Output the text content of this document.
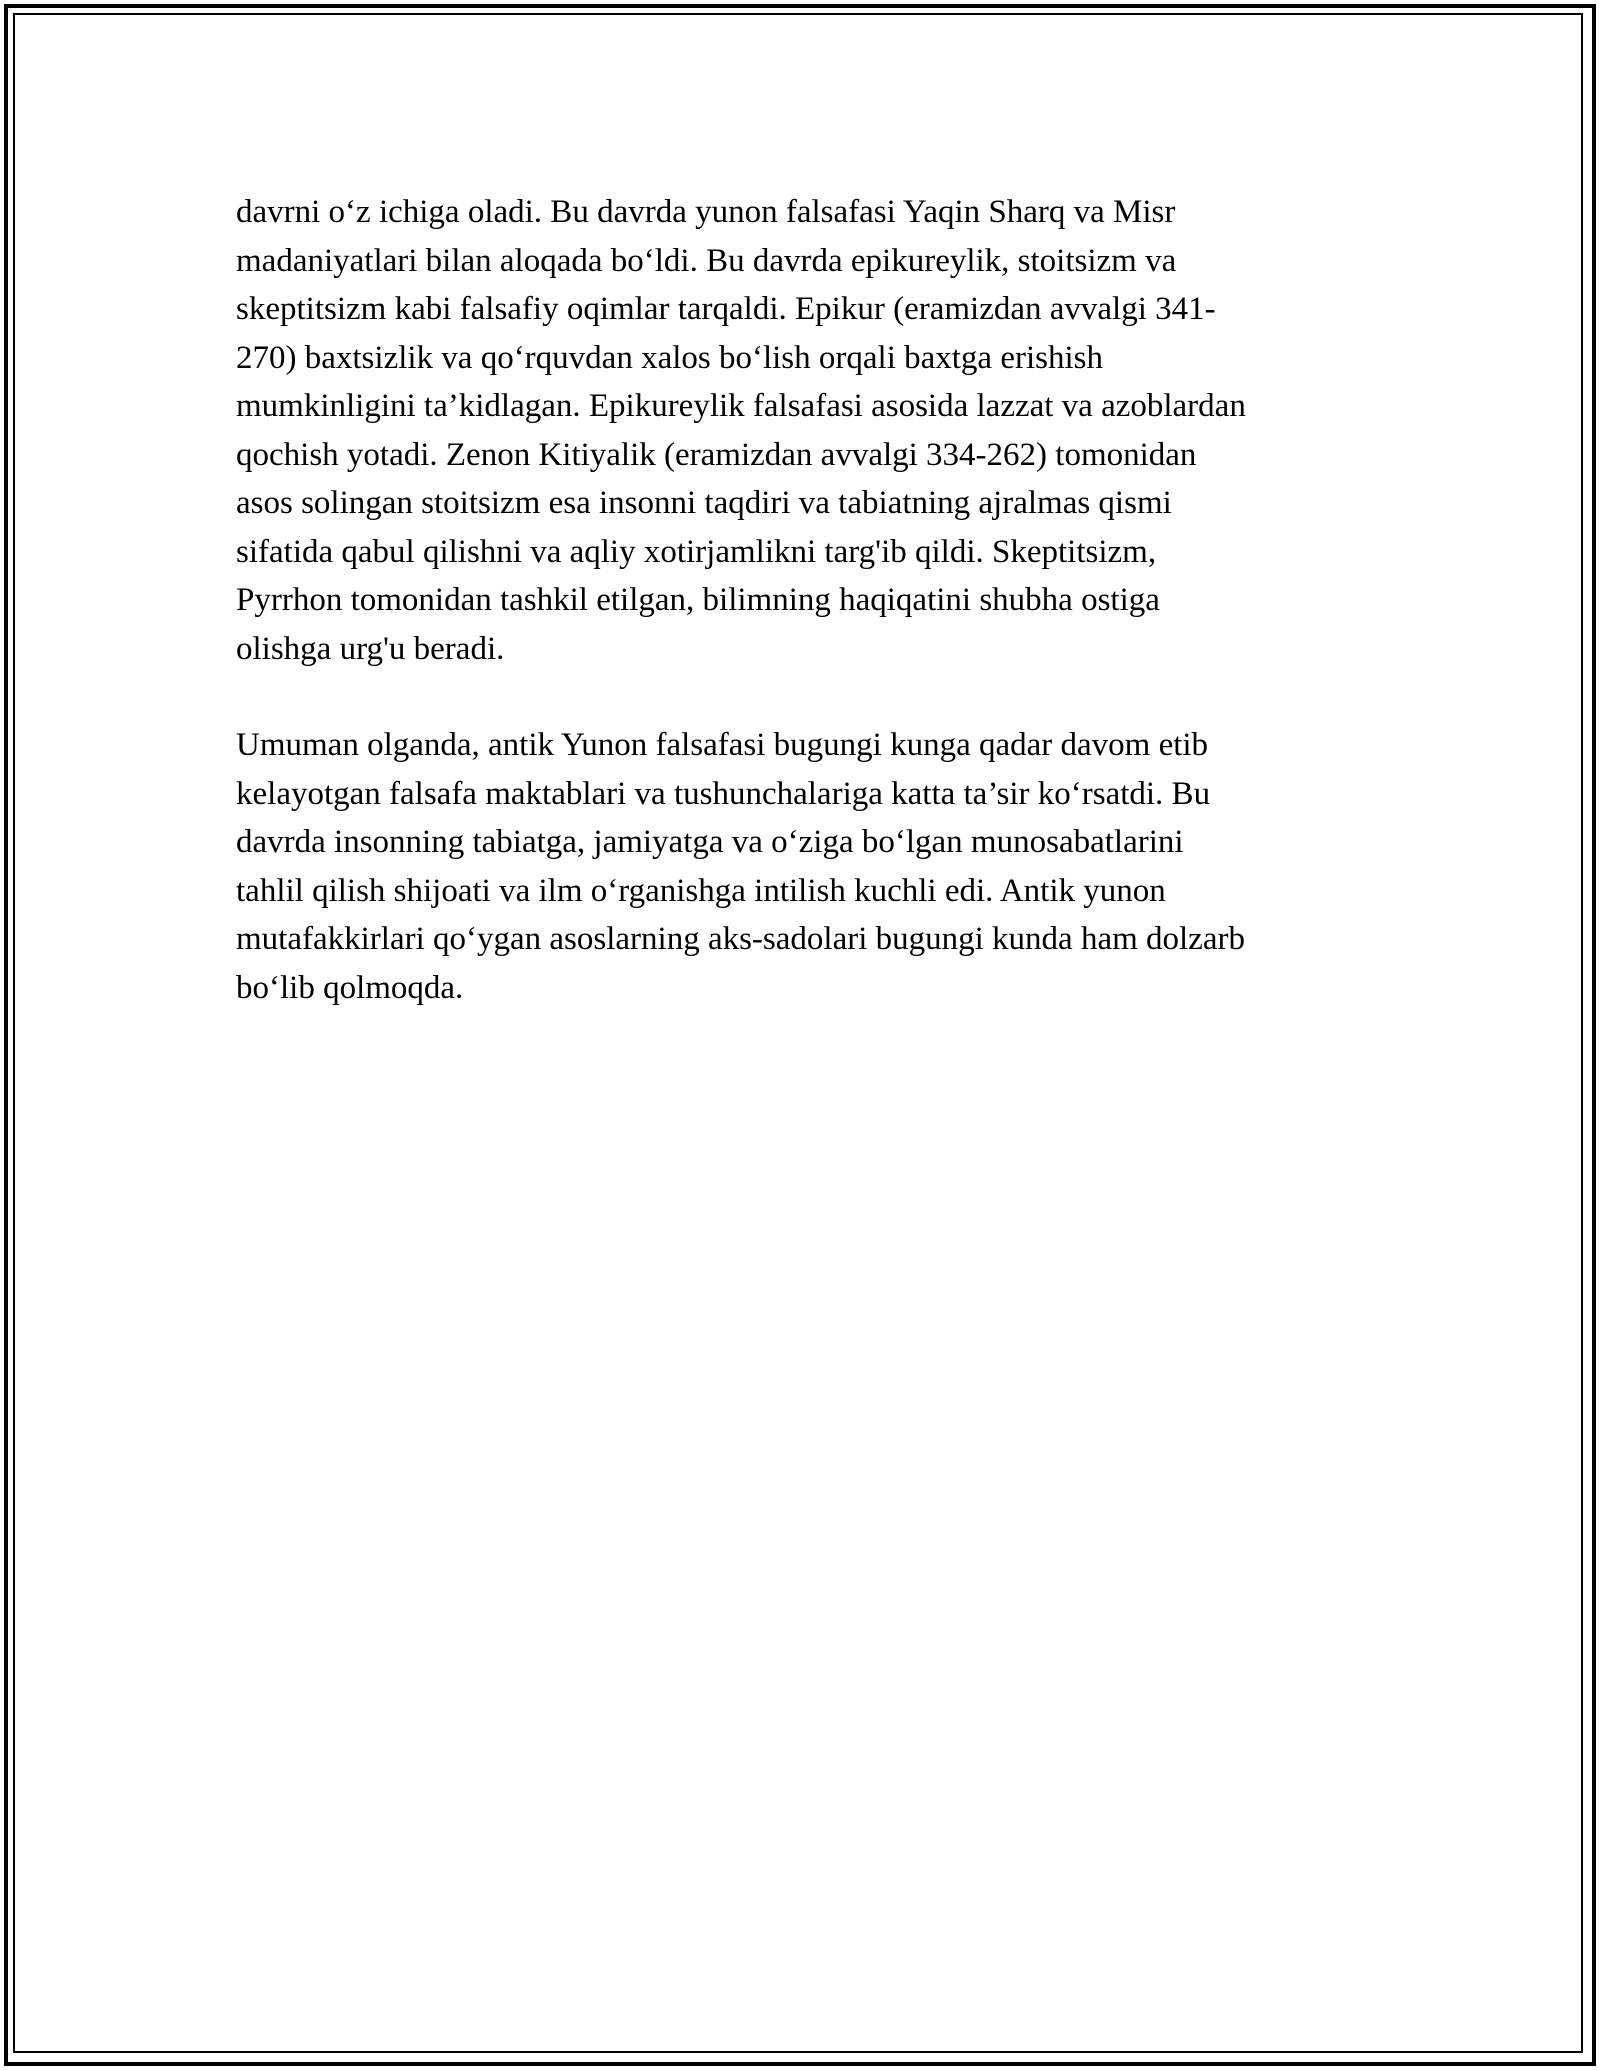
davrni o‘z ichiga oladi. Bu davrda yunon falsafasi Yaqin Sharq va Misr
madaniyatlari bilan aloqada bo‘ldi. Bu davrda epikureylik, stoitsizm va
skeptitsizm kabi falsafiy oqimlar tarqaldi. Epikur (eramizdan avvalgi 341-
270) baxtsizlik va qo‘rquvdan xalos bo‘lish orqali baxtga erishish
mumkinligini ta’kidlagan. Epikureylik falsafasi asosida lazzat va azoblardan
qochish yotadi. Zenon Kitiyalik (eramizdan avvalgi 334-262) tomonidan
asos solingan stoitsizm esa insonni taqdiri va tabiatning ajralmas qismi
sifatida qabul qilishni va aqliy xotirjamlikni targ'ib qildi. Skeptitsizm,
Pyrrhon tomonidan tashkil etilgan, bilimning haqiqatini shubha ostiga
olishga urg'u beradi.

Umuman olganda, antik Yunon falsafasi bugungi kunga qadar davom etib
kelayotgan falsafa maktablari va tushunchalariga katta ta’sir ko‘rsatdi. Bu
davrda insonning tabiatga, jamiyatga va o‘ziga bo‘lgan munosabatlarini
tahlil qilish shijoati va ilm o‘rganishga intilish kuchli edi. Antik yunon
mutafakkirlari qo‘ygan asoslarning aks-sadolari bugungi kunda ham dolzarb
bo‘lib qolmoqda.
